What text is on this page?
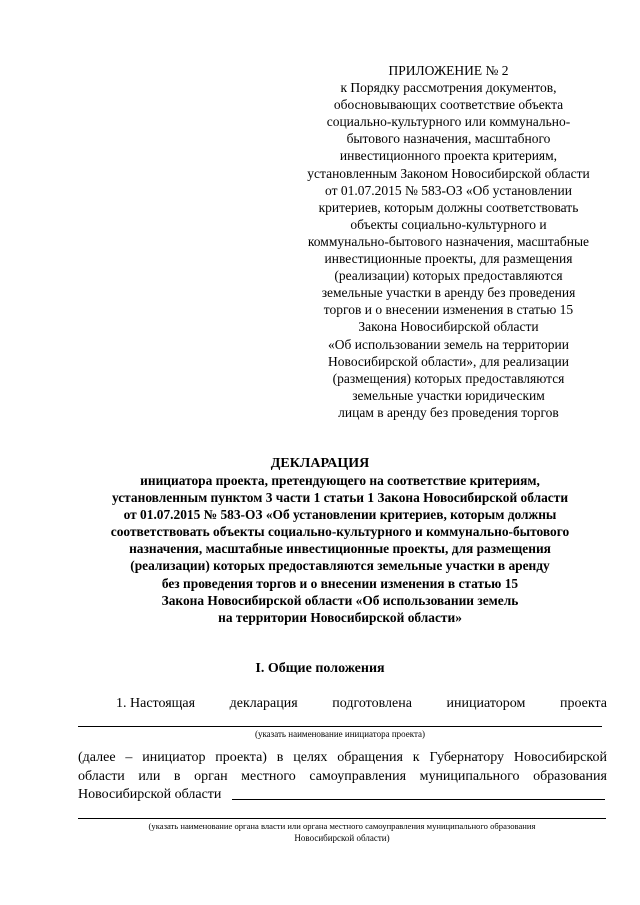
ПРИЛОЖЕНИЕ № 2
к Порядку рассмотрения документов,
обосновывающих соответствие объекта
социально-культурного или коммунально-
бытового назначения, масштабного
инвестиционного проекта критериям,
установленным Законом Новосибирской области
от 01.07.2015 № 583-ОЗ «Об установлении
критериев, которым должны соответствовать
объекты социально-культурного и
коммунально-бытового назначения, масштабные
инвестиционные проекты, для размещения
(реализации) которых предоставляются
земельные участки в аренду без проведения
торгов и о внесении изменения в статью 15
Закона Новосибирской области
«Об использовании земель на территории
Новосибирской области», для реализации
(размещения) которых предоставляются
земельные участки юридическим
лицам в аренду без проведения торгов
ДЕКЛАРАЦИЯ
инициатора проекта, претендующего на соответствие критериям,
установленным пунктом 3 части 1 статьи 1 Закона Новосибирской области
от 01.07.2015 № 583-ОЗ «Об установлении критериев, которым должны
соответствовать объекты социально-культурного и коммунально-бытового
назначения, масштабные инвестиционные проекты, для размещения
(реализации) которых предоставляются земельные участки в аренду
без проведения торгов и о внесении изменения в статью 15
Закона Новосибирской области «Об использовании земель
на территории Новосибирской области»
I. Общие положения
1. Настоящая декларация подготовлена инициатором проекта
(указать наименование инициатора проекта)
(далее – инициатор проекта) в целях обращения к Губернатору Новосибирской
области или в орган местного самоуправления муниципального образования
Новосибирской области
(указать наименование органа власти или органа местного самоуправления муниципального образования
Новосибирской области)
